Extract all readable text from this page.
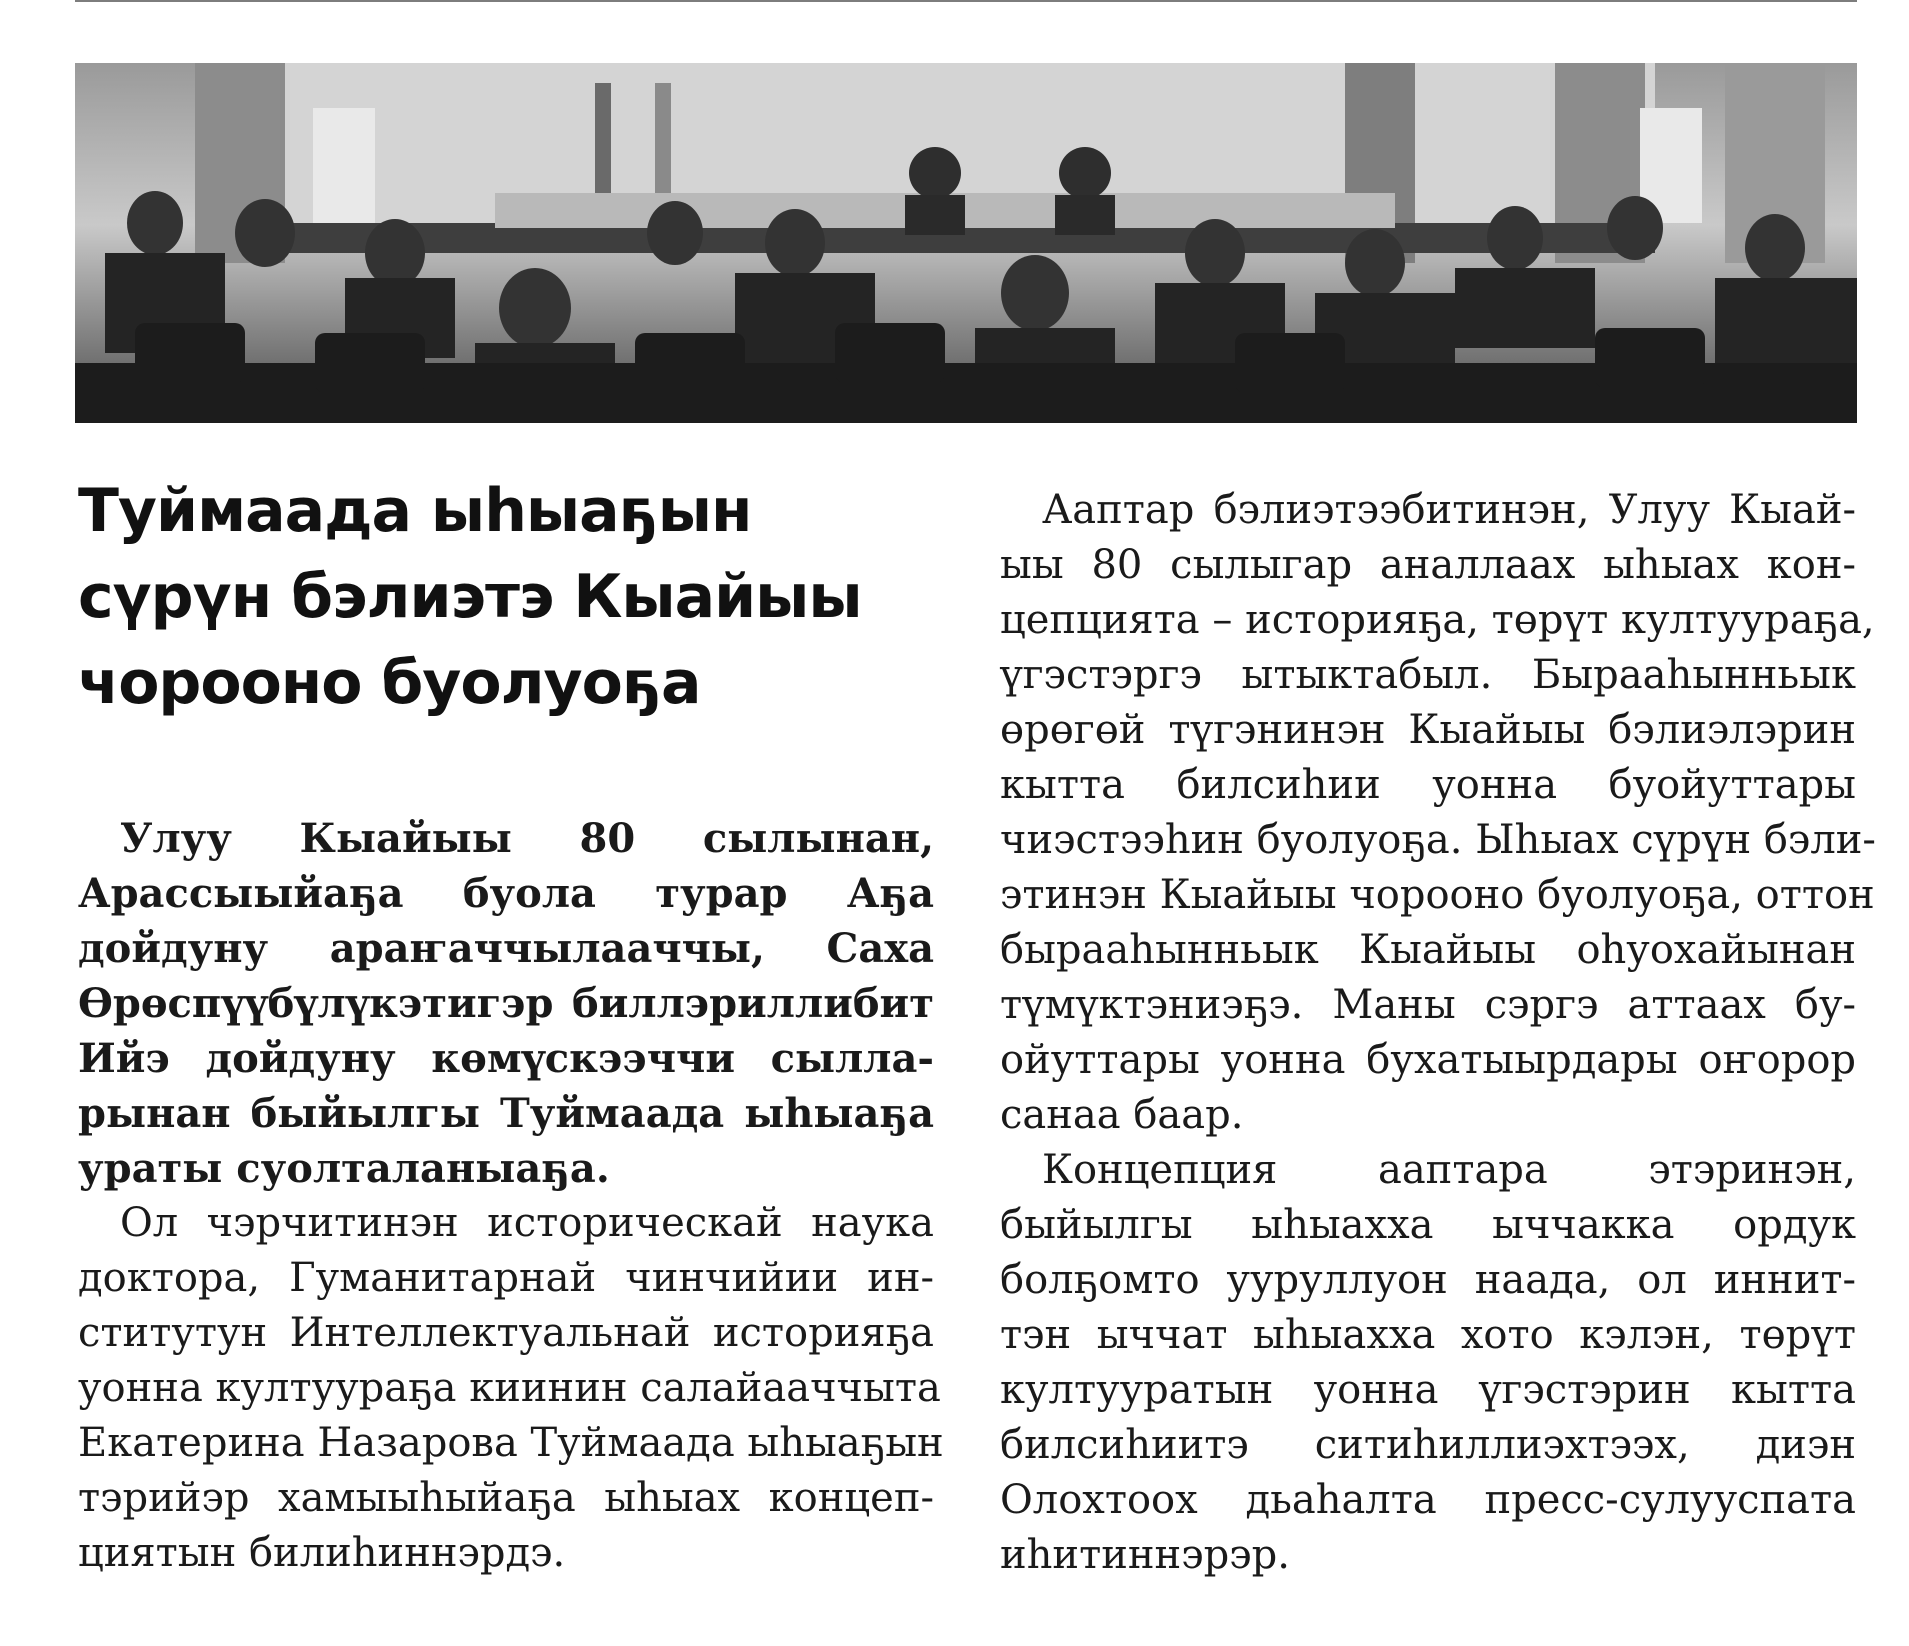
Туймаада ыһыаҕын
сүрүн бэлиэтэ Кыайыы
чорооно буолуоҕа

Улуу Кыайыы 80 сылынан,
Арассыыйаҕа буола турар Аҕа
дойдуну араҥаччылааччы, Саха
Өрөспүүбүлүкэтигэр биллэриллибит
Ийэ дойдуну көмүскээччи сылла-
рынан быйылгы Туймаада ыһыаҕа
ураты суолталаныаҕа.

Ол чэрчитинэн историческай наука
доктора, Гуманитарнай чинчийии ин-
ститутун Интеллектуальнай историяҕа
уонна култуураҕа киинин салайааччыта
Екатерина Назарова Туймаада ыһыаҕын
тэрийэр хамыыһыйаҕа ыһыах концеп-
циятын билиһиннэрдэ.

Ааптар бэлиэтээбитинэн, Улуу Кыай-
ыы 80 сылыгар аналлаах ыһыах кон-
цепцията – историяҕа, төрүт култуураҕа,
үгэстэргэ ытыктабыл. Бырааһынньык
өрөгөй түгэнинэн Кыайыы бэлиэлэрин
кытта билсиһии уонна буойуттары
чиэстээһин буолуоҕа. Ыһыах сүрүн бэли-
этинэн Кыайыы чорооно буолуоҕа, оттон
бырааһынньык Кыайыы оһуохайынан
түмүктэниэҕэ. Маны сэргэ аттаах бу-
ойуттары уонна бухатыырдары оҥорор
санаа баар.

Концепция ааптара этэринэн,
быйылгы ыһыахха ыччакка ордук
болҕомто ууруллуон наада, ол иннит-
тэн ыччат ыһыахха хото кэлэн, төрүт
култууратын уонна үгэстэрин кытта
билсиһиитэ ситиһиллиэхтээх, диэн
Олохтоох дьаһалта пресс-сулууспата
иһитиннэрэр.
